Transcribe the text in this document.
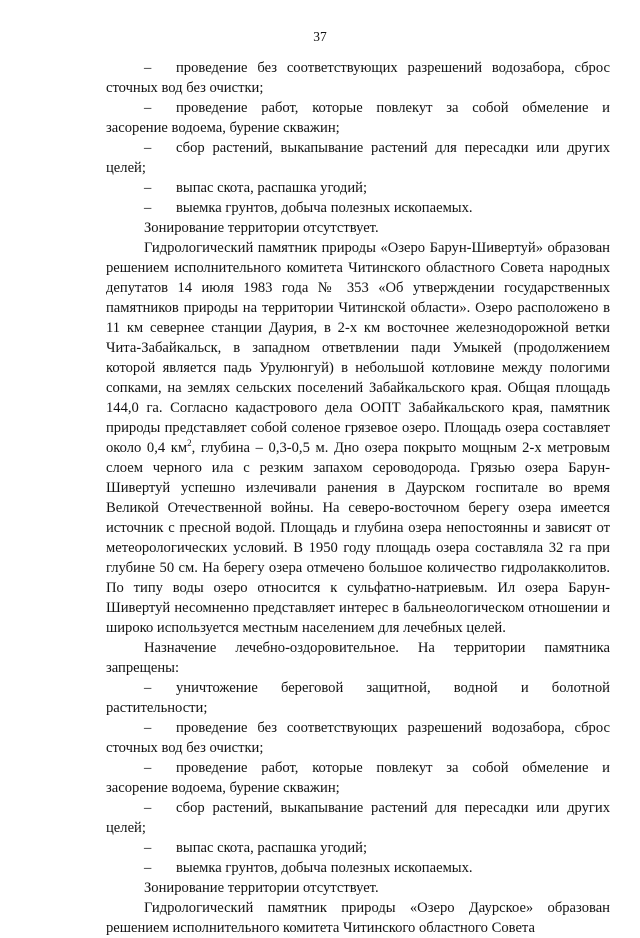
37
–	проведение без соответствующих разрешений водозабора, сброс
сточных вод без очистки;
–	проведение работ, которые повлекут за собой обмеление и
засорение водоема, бурение скважин;
–	сбор растений, выкапывание растений для пересадки или других
целей;
–	выпас скота, распашка угодий;
–	выемка грунтов, добыча полезных ископаемых.
Зонирование территории отсутствует.
Гидрологический памятник природы «Озеро Барун-Шивертуй» образован решением исполнительного комитета Читинского областного Совета народных депутатов 14 июля 1983 года № 353 «Об утверждении государственных памятников природы на территории Читинской области». Озеро расположено в 11 км севернее станции Даурия, в 2-х км восточнее железнодорожной ветки Чита-Забайкальск, в западном ответвлении пади Умыкей (продолжением которой является падь Урулюнгуй) в небольшой котловине между пологими сопками, на землях сельских поселений Забайкальского края. Общая площадь 144,0 га. Согласно кадастрового дела ООПТ Забайкальского края, памятник природы представляет собой соленое грязевое озеро. Площадь озера составляет около 0,4 $км^2$, глубина – 0,3-0,5 м. Дно озера покрыто мощным 2-х метровым слоем черного ила с резким запахом сероводорода. Грязью озера Барун-Шивертуй успешно излечивали ранения в Даурском госпитале во время Великой Отечественной войны. На северо-восточном берегу озера имеется источник с пресной водой. Площадь и глубина озера непостоянны и зависят от метеорологических условий. В 1950 году площадь озера составляла 32 га при глубине 50 см. На берегу озера отмечено большое количество гидролакколитов. По типу воды озеро относится к сульфатно-натриевым. Ил озера Барун-Шивертуй несомненно представляет интерес в бальнеологическом отношении и широко используется местным населением для лечебных целей.
Назначение лечебно-оздоровительное. На территории памятника запрещены:
–	уничтожение береговой защитной, водной и болотной
растительности;
–	проведение без соответствующих разрешений водозабора, сброс
сточных вод без очистки;
–	проведение работ, которые повлекут за собой обмеление и
засорение водоема, бурение скважин;
–	сбор растений, выкапывание растений для пересадки или других
целей;
–	выпас скота, распашка угодий;
–	выемка грунтов, добыча полезных ископаемых.
Зонирование территории отсутствует.
Гидрологический памятник природы «Озеро Даурское» образован решением исполнительного комитета Читинского областного Совета
